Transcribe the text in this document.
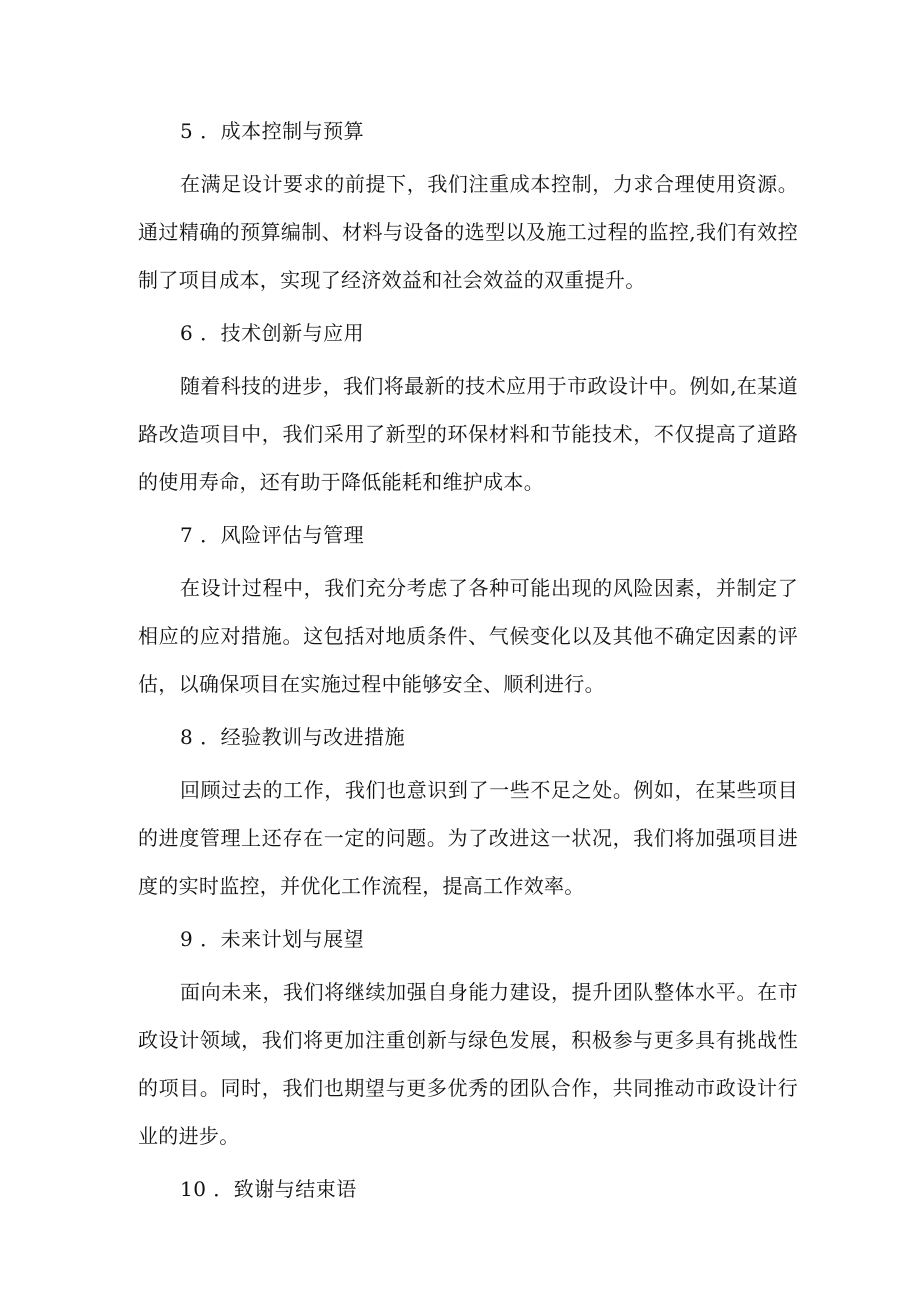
5 ．成本控制与预算

在满足设计要求的前提下，我们注重成本控制，力求合理使用资源。通过精确的预算编制、材料与设备的选型以及施工过程的监控,我们有效控制了项目成本，实现了经济效益和社会效益的双重提升。

6 ．技术创新与应用

随着科技的进步，我们将最新的技术应用于市政设计中。例如,在某道路改造项目中，我们采用了新型的环保材料和节能技术，不仅提高了道路的使用寿命，还有助于降低能耗和维护成本。

7 ．风险评估与管理

在设计过程中，我们充分考虑了各种可能出现的风险因素，并制定了相应的应对措施。这包括对地质条件、气候变化以及其他不确定因素的评估，以确保项目在实施过程中能够安全、顺利进行。

8 ．经验教训与改进措施

回顾过去的工作，我们也意识到了一些不足之处。例如，在某些项目的进度管理上还存在一定的问题。为了改进这一状况，我们将加强项目进度的实时监控，并优化工作流程，提高工作效率。

9 ．未来计划与展望

面向未来，我们将继续加强自身能力建设，提升团队整体水平。在市政设计领域，我们将更加注重创新与绿色发展，积极参与更多具有挑战性的项目。同时，我们也期望与更多优秀的团队合作，共同推动市政设计行业的进步。

10 ．致谢与结束语
